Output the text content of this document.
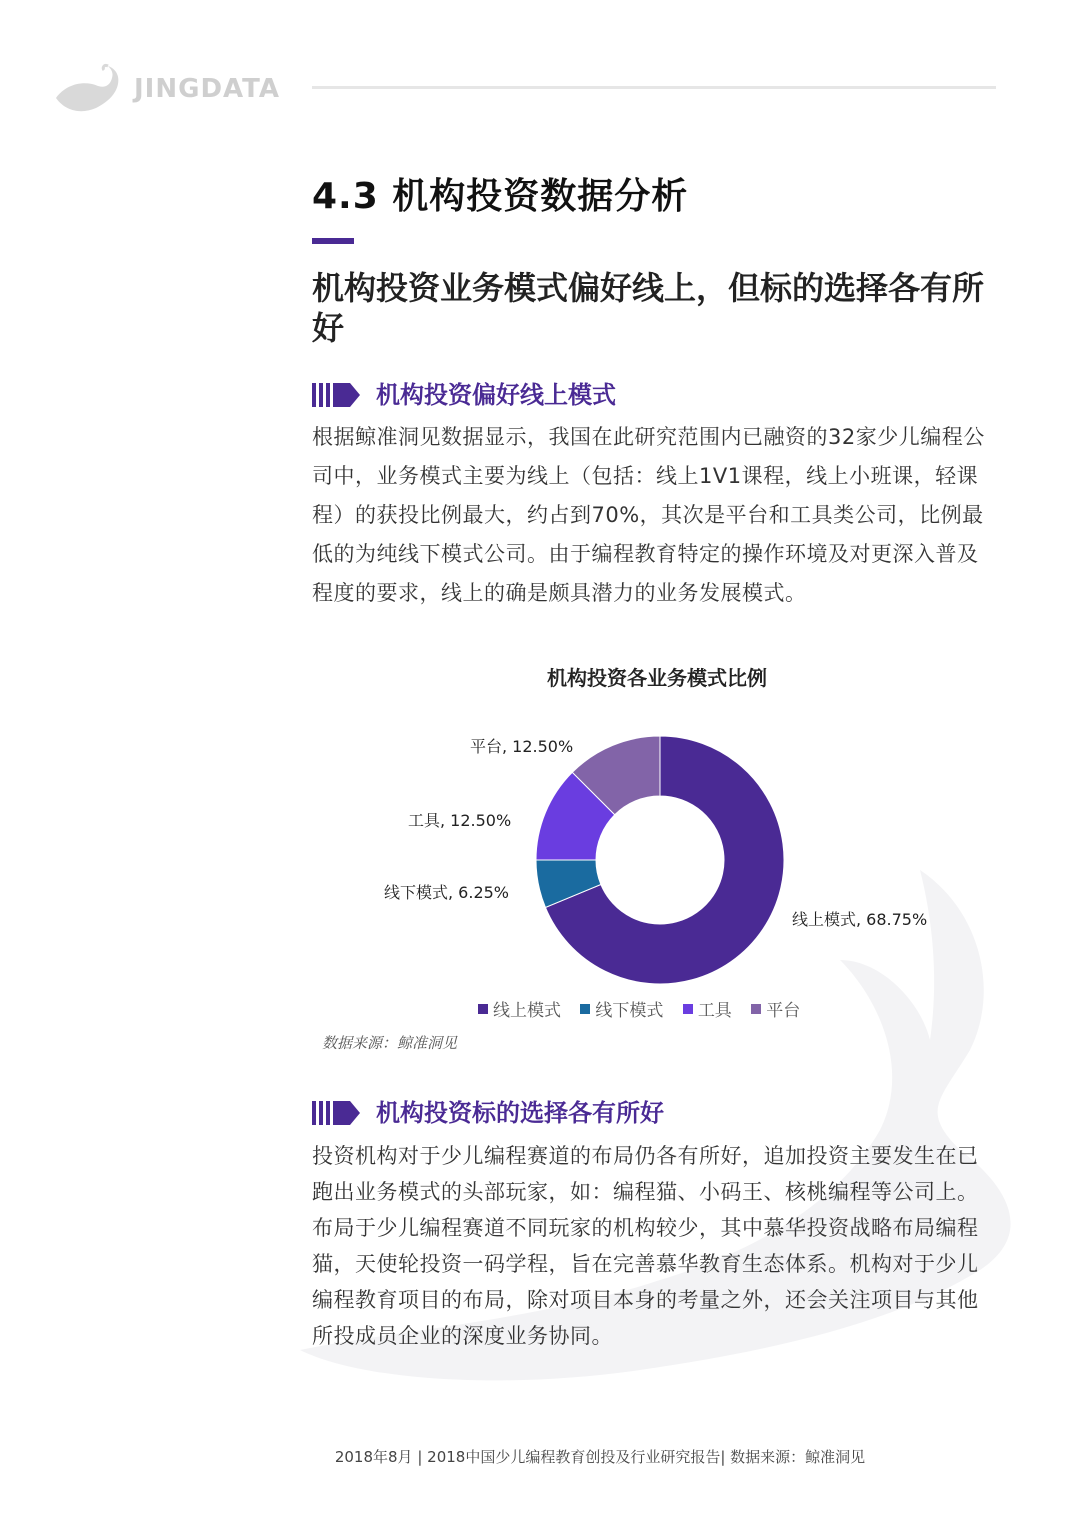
JINGDATA
4.3 机构投资数据分析
机构投资业务模式偏好线上，但标的选择各有所好
机构投资偏好线上模式
根据鲸准洞见数据显示，我国在此研究范围内已融资的32家少儿编程公司中，业务模式主要为线上（包括：线上1V1课程，线上小班课，轻课程）的获投比例最大，约占到70%，其次是平台和工具类公司，比例最低的为纯线下模式公司。由于编程教育特定的操作环境及对更深入普及程度的要求，线上的确是颇具潜力的业务发展模式。
机构投资各业务模式比例
线上模式, 68.75%
线下模式, 6.25%
工具, 12.50%
平台, 12.50%
线上模式 线下模式 工具 平台
数据来源：鲸准洞见
机构投资标的选择各有所好
投资机构对于少儿编程赛道的布局仍各有所好，追加投资主要发生在已跑出业务模式的头部玩家，如：编程猫、小码王、核桃编程等公司上。布局于少儿编程赛道不同玩家的机构较少，其中慕华投资战略布局编程猫，天使轮投资一码学程，旨在完善慕华教育生态体系。机构对于少儿编程教育项目的布局，除对项目本身的考量之外，还会关注项目与其他所投成员企业的深度业务协同。
2018年8月 | 2018中国少儿编程教育创投及行业研究报告| 数据来源：鲸准洞见
